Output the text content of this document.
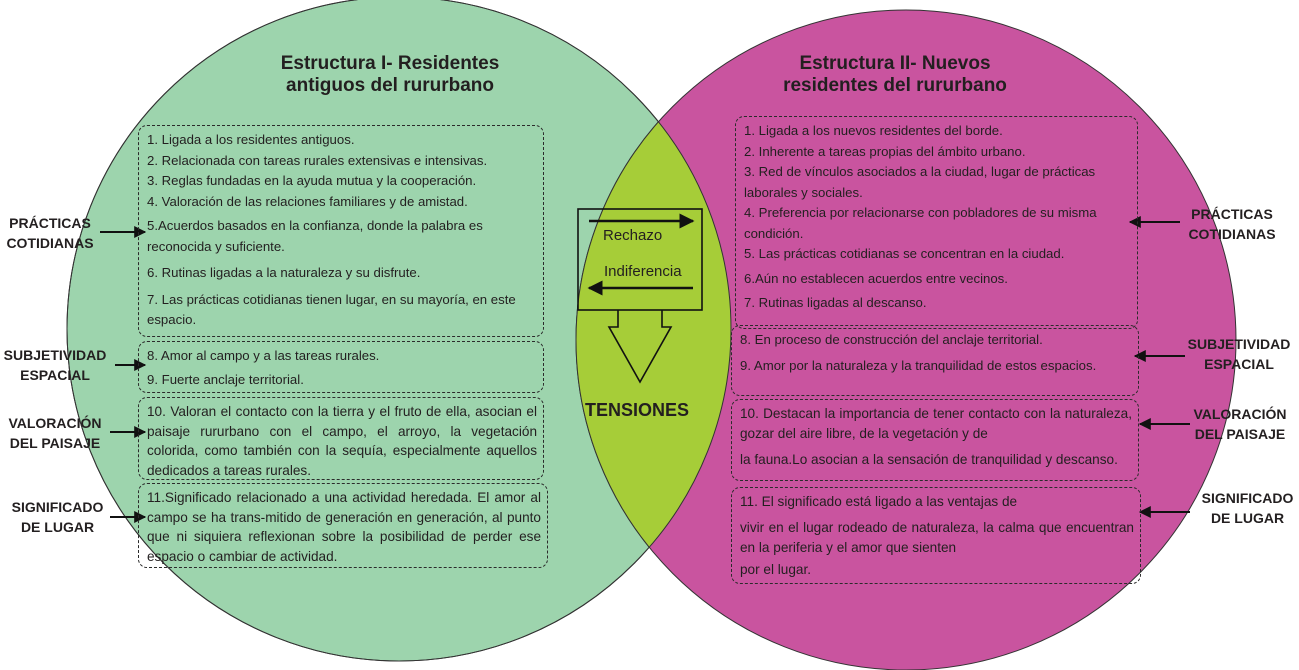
Estructura I- Residentes
antiguos del rururbano
Estructura II- Nuevos
residentes del rururbano

1. Ligada a los residentes antiguos.

2. Relacionada con tareas rurales extensivas e intensivas.

3. Reglas fundadas en la ayuda mutua y la cooperación.

4. Valoración de las relaciones familiares y de amistad.

5.Acuerdos basados en la confianza, donde la palabra es reconocida y suficiente.

6. Rutinas ligadas a la naturaleza y su disfrute.

7. Las prácticas cotidianas tienen lugar, en su mayoría, en este espacio.

8. Amor al campo y a las tareas rurales.

9. Fuerte anclaje territorial.

10. Valoran el contacto con la tierra y el fruto de ella, asocian el paisaje rururbano con el campo, el arroyo, la vegetación colorida, como también con la sequía, especialmente aquellos dedicados a tareas rurales.

11.Significado relacionado a una actividad heredada. El amor al campo se ha trans-mitido de generación en generación, al punto que ni siquiera reflexionan sobre la posibilidad de perder ese espacio o cambiar de actividad.

1. Ligada a los nuevos residentes del borde.

2. Inherente a tareas propias del ámbito urbano.

3. Red de vínculos asociados a la ciudad, lugar de prácticas laborales y sociales.

4. Preferencia por relacionarse con pobladores de su misma condición.

5. Las prácticas cotidianas se concentran en la ciudad.

6.Aún no establecen acuerdos entre vecinos.

7. Rutinas ligadas al descanso.

8. En proceso de construcción del anclaje territorial.

9. Amor por la naturaleza y la tranquilidad de estos espacios.

10. Destacan la importancia de tener contacto con la naturaleza, gozar del aire libre, de la vegetación y de

la fauna.Lo asocian a la sensación de tranquilidad y descanso.

11. El significado está ligado a las ventajas de

vivir en el lugar rodeado de naturaleza, la calma que encuentran en la periferia y el amor que sienten

por el lugar.

PRÁCTICAS
COTIDIANAS
SUBJETIVIDAD
ESPACIAL
VALORACIÓN
DEL PAISAJE
SIGNIFICADO
DE LUGAR
PRÁCTICAS
COTIDIANAS
SUBJETIVIDAD
ESPACIAL
VALORACIÓN
DEL PAISAJE
SIGNIFICADO
DE LUGAR
Rechazo
Indiferencia
TENSIONES
